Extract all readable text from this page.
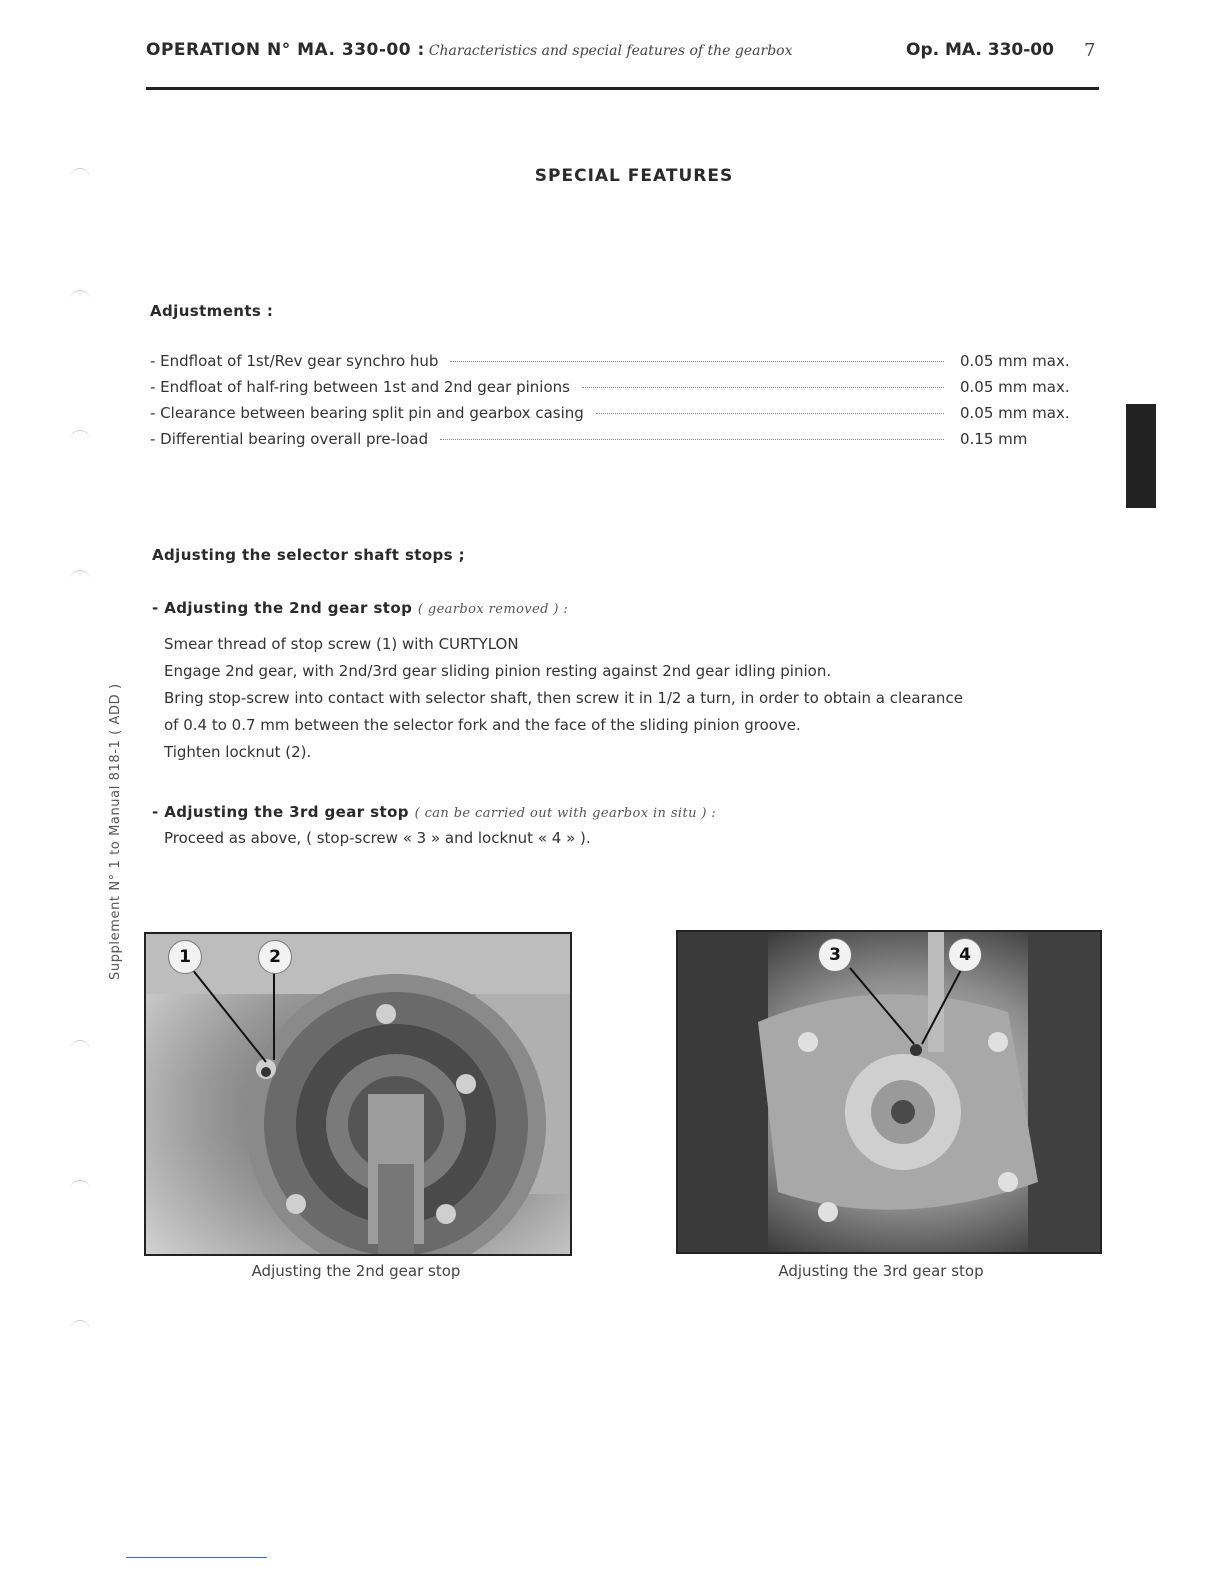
OPERATION N° MA. 330-00 : Characteristics and special features of the gearbox	Op. MA. 330-00 7
SPECIAL FEATURES
Adjustments :
- Endfloat of 1st/Rev gear synchro hub	0.05 mm max.
- Endfloat of half-ring between 1st and 2nd gear pinions	0.05 mm max.
- Clearance between bearing split pin and gearbox casing	0.05 mm max.
- Differential bearing overall pre-load	0.15 mm
Supplement N° 1 to Manual 818-1 ( ADD )
Adjusting the selector shaft stops ;
- Adjusting the 2nd gear stop ( gearbox removed ) :
Smear thread of stop screw (1) with CURTYLON
Engage 2nd gear, with 2nd/3rd gear sliding pinion resting against 2nd gear idling pinion.
Bring stop-screw into contact with selector shaft, then screw it in 1/2 a turn, in order to obtain a clearance
of 0.4 to 0.7 mm between the selector fork and the face of the sliding pinion groove.
Tighten locknut (2).
- Adjusting the 3rd gear stop ( can be carried out with gearbox in situ ) :
Proceed as above, ( stop-screw « 3 » and locknut « 4 » ).
1	2
Adjusting the 2nd gear stop
3	4
Adjusting the 3rd gear stop
